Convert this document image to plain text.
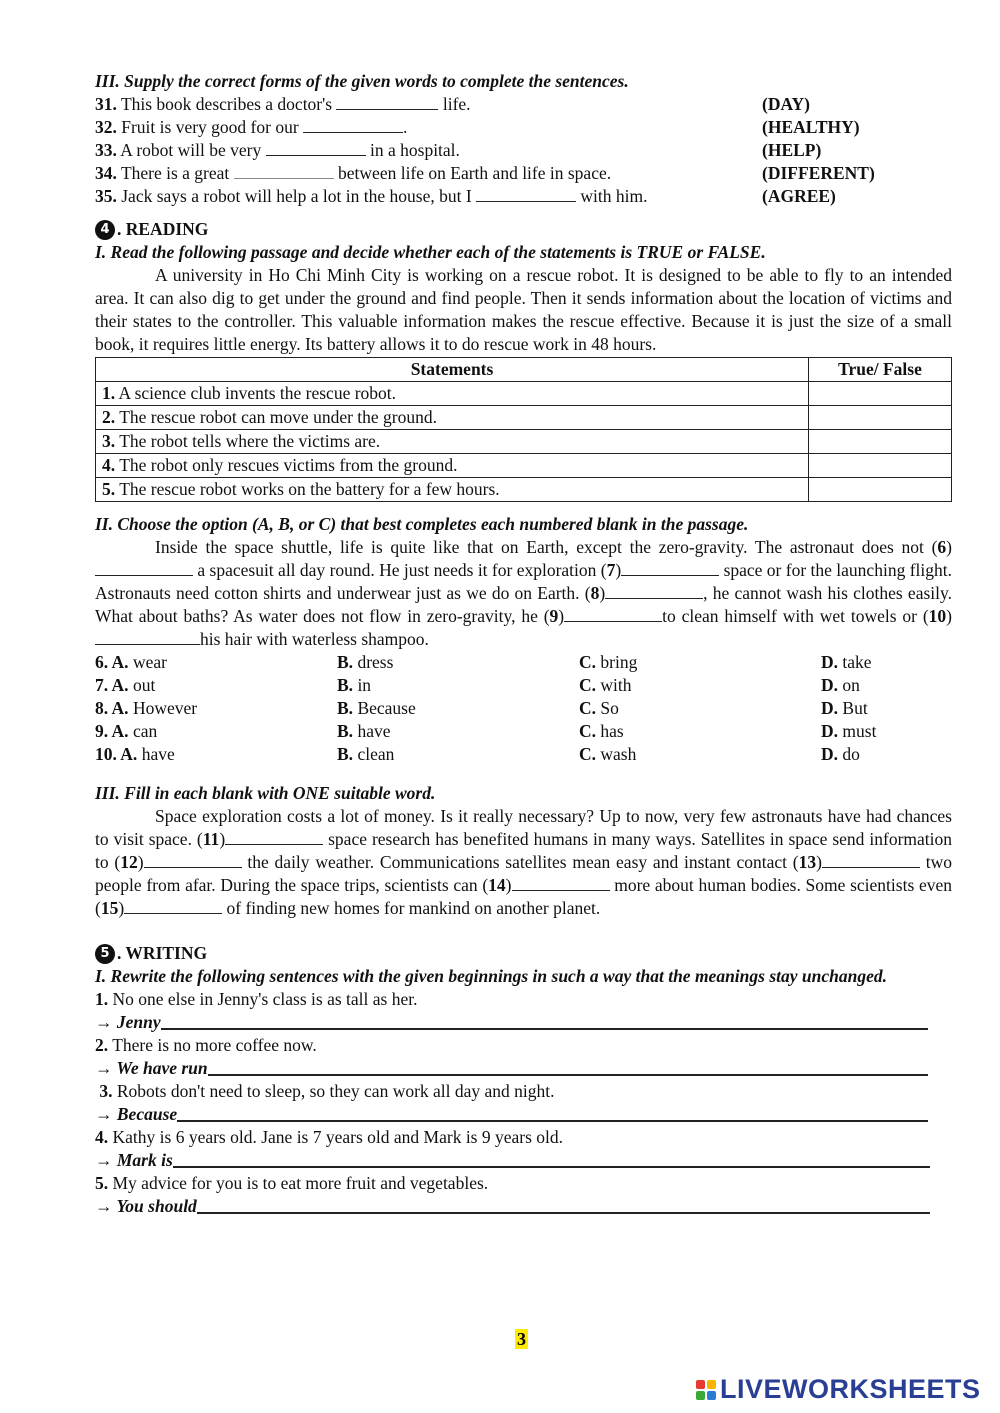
III. Supply the correct forms of the given words to complete the sentences.
31. This book describes a doctor's	life.	(DAY)
32. Fruit is very good for our	.	(HEALTHY)
33. A robot will be very	in a hospital.	(HELP)
34. There is a great	between life on Earth and life in space.	(DIFFERENT)
35. Jack says a robot will help a lot in the house, but I	with him.	(AGREE)
4 . READING
I. Read the following passage and decide whether each of the statements is TRUE or FALSE.
A university in Ho Chi Minh City is working on a rescue robot. It is designed to be able to fly to an intended area. It can also dig to get under the ground and find people. Then it sends information about the location of victims and their states to the controller. This valuable information makes the rescue effective. Because it is just the size of a small book, it requires little energy. Its battery allows it to do rescue work in 48 hours.
Statements	True/ False
1. A science club invents the rescue robot.	
2. The rescue robot can move under the ground.	
3. The robot tells where the victims are.	
4. The robot only rescues victims from the ground.	
5. The rescue robot works on the battery for a few hours.	
II. Choose the option (A, B, or C) that best completes each numbered blank in the passage.
Inside the space shuttle, life is quite like that on Earth, except the zero-gravity. The astronaut does not (6) a spacesuit all day round. He just needs it for exploration (7)	space or for the launching flight. Astronauts need cotton shirts and underwear just as we do on Earth. (8)	, he cannot wash his clothes easily. What about baths? As water does not flow in zero-gravity, he (9)	to clean himself with wet towels or (10)his hair with waterless shampoo.
6. A. wear	B. dress	C. bring	D. take
7. A. out	B. in	C. with	D. on
8. A. However	B. Because	C. So	D. But
9. A. can	B. have	C. has	D. must
10. A. have	B. clean	C. wash	D. do
III. Fill in each blank with ONE suitable word.
Space exploration costs a lot of money. Is it really necessary? Up to now, very few astronauts have had chances to visit space. (11)	space research has benefited humans in many ways. Satellites in space send information to (12)	the daily weather. Communications satellites mean easy and instant contact (13)	two people from afar. During the space trips, scientists can (14)	more about human bodies. Some scientists even (15)	of finding new homes for mankind on another planet.
5 . WRITING
I. Rewrite the following sentences with the given beginnings in such a way that the meanings stay unchanged.
1. No one else in Jenny's class is as tall as her.
→ Jenny
2. There is no more coffee now.
→ We have run
3. Robots don't need to sleep, so they can work all day and night.
→ Because
4. Kathy is 6 years old. Jane is 7 years old and Mark is 9 years old.
→ Mark is
5. My advice for you is to eat more fruit and vegetables.
→ You should
3
LIVEWORKSHEETS
